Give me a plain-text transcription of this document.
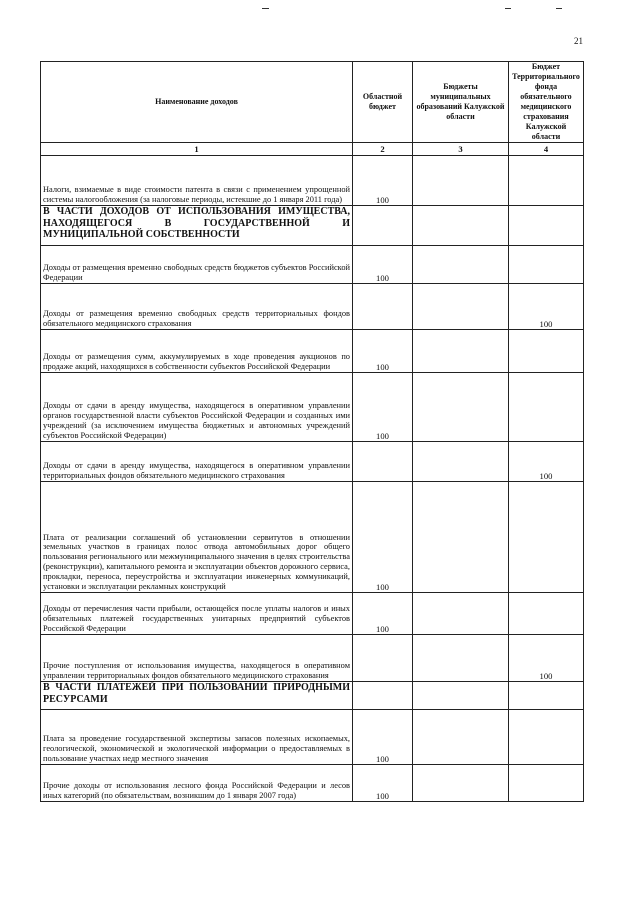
21
Наименование доходов	Областной бюджет	Бюджеты муниципальных образований Калужской области	Бюджет Территориального фонда обязательного медицинского страхования Калужской области
1	2	3	4
Налоги, взимаемые в виде стоимости патента в связи с применением упрощенной системы налогообложения (за налоговые периоды, истекшие до 1 января 2011 года)	100		
В ЧАСТИ ДОХОДОВ ОТ ИСПОЛЬЗОВАНИЯ ИМУЩЕСТВА, НАХОДЯЩЕГОСЯ В ГОСУДАРСТВЕННОЙ И МУНИЦИПАЛЬНОЙ СОБСТВЕННОСТИ			
Доходы от размещения временно свободных средств бюджетов субъектов Российской Федерации	100		
Доходы от размещения временно свободных средств территориальных фондов обязательного медицинского страхования			100
Доходы от размещения сумм, аккумулируемых в ходе проведения аукционов по продаже акций, находящихся в собственности субъектов Российской Федерации	100		
Доходы от сдачи в аренду имущества, находящегося в оперативном управлении органов государственной власти субъектов Российской Федерации и созданных ими учреждений (за исключением имущества бюджетных и автономных учреждений субъектов Российской Федерации)	100		
Доходы от сдачи в аренду имущества, находящегося в оперативном управлении территориальных фондов обязательного медицинского страхования			100
Плата от реализации соглашений об установлении сервитутов в отношении земельных участков в границах полос отвода автомобильных дорог общего пользования регионального или межмуниципального значения в целях строительства (реконструкции), капитального ремонта и эксплуатации объектов дорожного сервиса, прокладки, переноса, переустройства и эксплуатации инженерных коммуникаций, установки и эксплуатации рекламных конструкций	100		
Доходы от перечисления части прибыли, остающейся после уплаты налогов и иных обязательных платежей государственных унитарных предприятий субъектов Российской Федерации	100		
Прочие поступления от использования имущества, находящегося в оперативном управлении территориальных фондов обязательного медицинского страхования			100
В ЧАСТИ ПЛАТЕЖЕЙ ПРИ ПОЛЬЗОВАНИИ ПРИРОДНЫМИ РЕСУРСАМИ			
Плата за проведение государственной экспертизы запасов полезных ископаемых, геологической, экономической и экологической информации о предоставляемых в пользование участках недр местного значения	100		
Прочие доходы от использования лесного фонда Российской Федерации и лесов иных категорий (по обязательствам, возникшим до 1 января 2007 года)	100		
